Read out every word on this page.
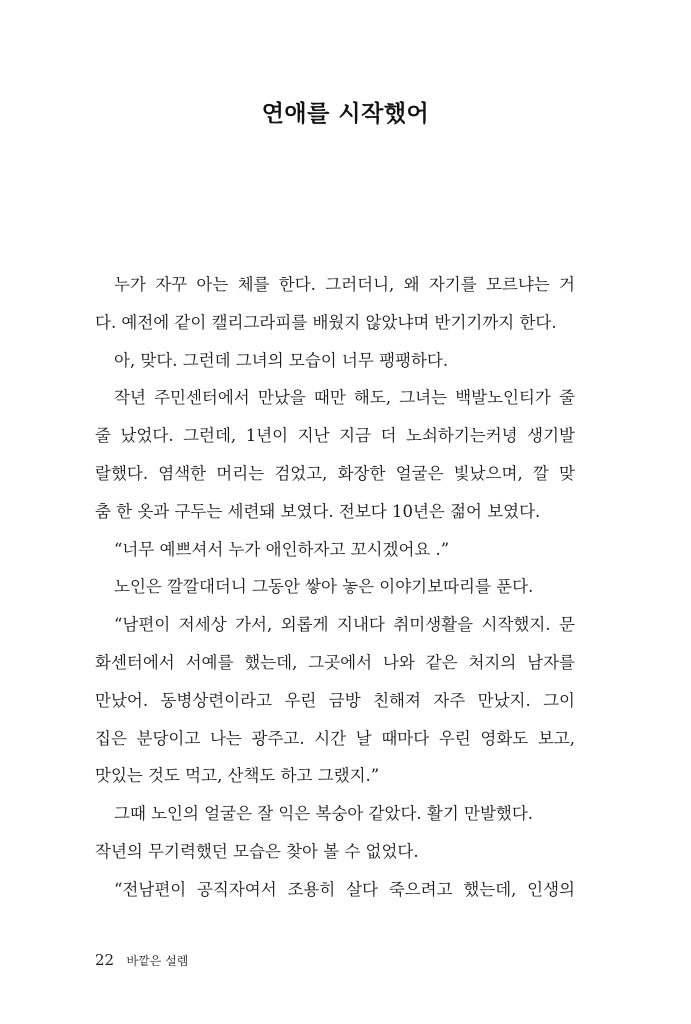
연애를 시작했어
누가 자꾸 아는 체를 한다. 그러더니, 왜 자기를 모르냐는 거
다. 예전에 같이 캘리그라피를 배웠지 않았냐며 반기기까지 한다.
아, 맞다. 그런데 그녀의 모습이 너무 팽팽하다.
작년 주민센터에서 만났을 때만 해도, 그녀는 백발노인티가 줄
줄 났었다. 그런데, 1년이 지난 지금 더 노쇠하기는커녕 생기발
랄했다. 염색한 머리는 검었고, 화장한 얼굴은 빛났으며, 깔 맞
춤 한 옷과 구두는 세련돼 보였다. 전보다 10년은 젊어 보였다.
“너무 예쁘셔서 누가 애인하자고 꼬시겠어요 .”
노인은 깔깔대더니 그동안 쌓아 놓은 이야기보따리를 푼다.
“남편이 저세상 가서, 외롭게 지내다 취미생활을 시작했지. 문
화센터에서 서예를 했는데, 그곳에서 나와 같은 처지의 남자를
만났어. 동병상련이라고 우린 금방 친해져 자주 만났지. 그이
집은 분당이고 나는 광주고. 시간 날 때마다 우린 영화도 보고,
맛있는 것도 먹고, 산책도 하고 그랬지.”
그때 노인의 얼굴은 잘 익은 복숭아 같았다. 활기 만발했다.
작년의 무기력했던 모습은 찾아 볼 수 없었다.
“전남편이 공직자여서 조용히 살다 죽으려고 했는데, 인생의
22 바깥은 설렘
